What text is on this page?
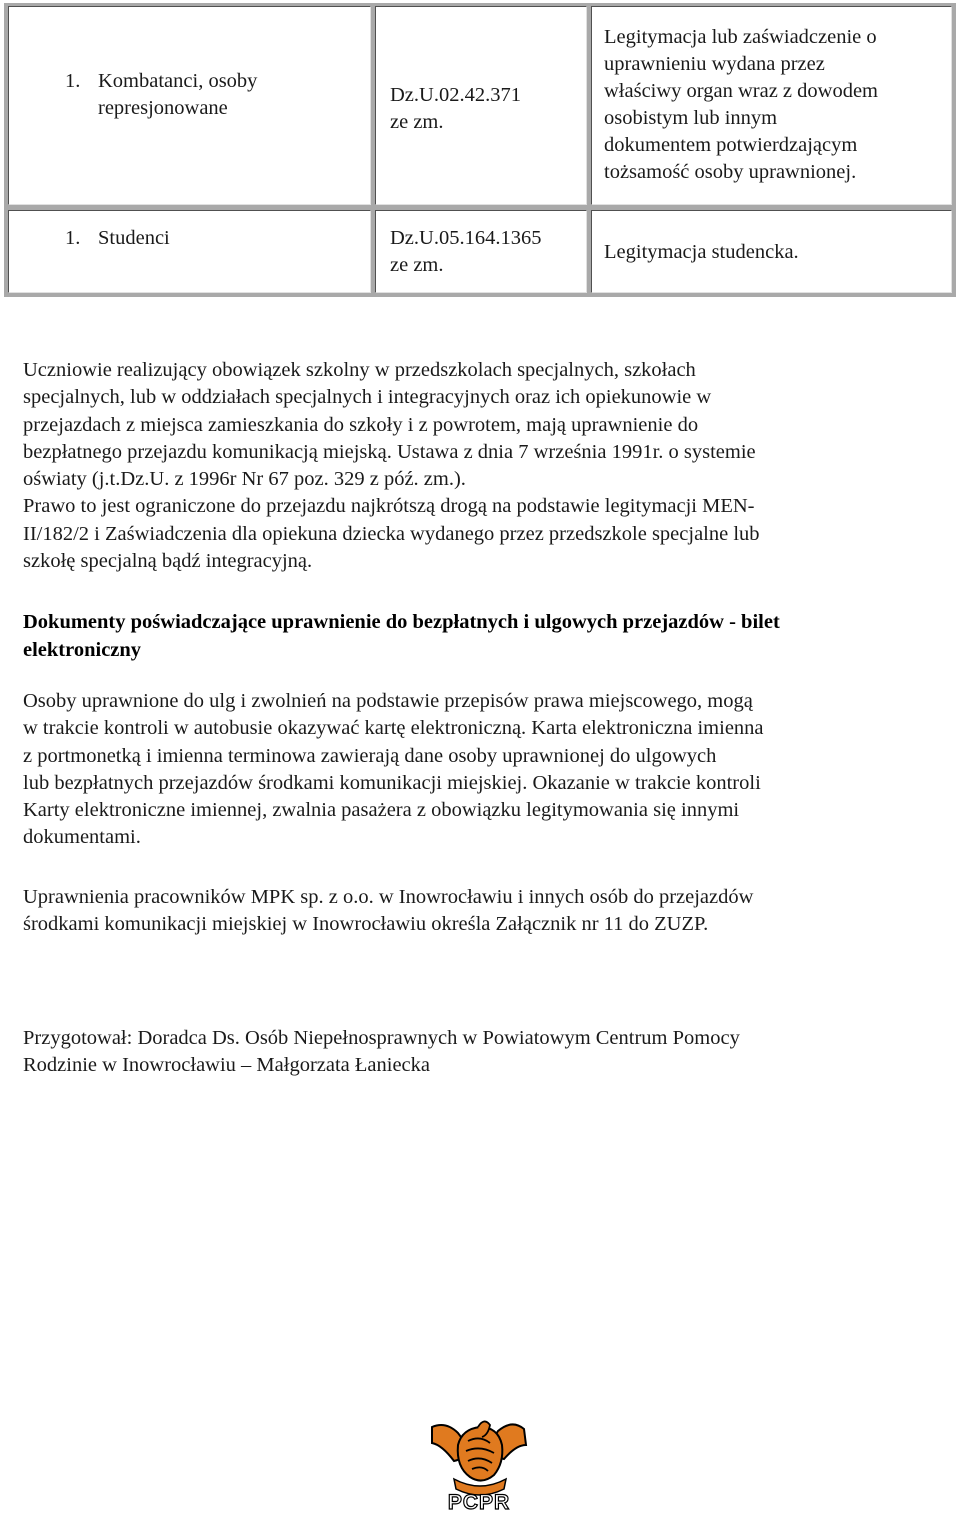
1. Kombatanci, osoby
represjonowane
Dz.U.02.42.371
ze zm.
Legitymacja lub zaświadczenie o
uprawnieniu wydana przez
właściwy organ wraz z dowodem
osobistym lub innym
dokumentem potwierdzającym
tożsamość osoby uprawnionej.
1. Studenci	Dz.U.05.164.1365
ze zm.
Legitymacja studencka.
Uczniowie realizujący obowiązek szkolny w przedszkolach specjalnych, szkołach
specjalnych, lub w oddziałach specjalnych i integracyjnych oraz ich opiekunowie w
przejazdach z miejsca zamieszkania do szkoły i z powrotem, mają uprawnienie do
bezpłatnego przejazdu komunikacją miejską. Ustawa z dnia 7 września 1991r. o systemie
oświaty (j.t.Dz.U. z 1996r Nr 67 poz. 329 z póź. zm.).
Prawo to jest ograniczone do przejazdu najkrótszą drogą na podstawie legitymacji MEN-
II/182/2 i Zaświadczenia dla opiekuna dziecka wydanego przez przedszkole specjalne lub
szkołę specjalną bądź integracyjną.
Dokumenty poświadczające uprawnienie do bezpłatnych i ulgowych przejazdów - bilet
elektroniczny
Osoby uprawnione do ulg i zwolnień na podstawie przepisów prawa miejscowego, mogą
w trakcie kontroli w autobusie okazywać kartę elektroniczną. Karta elektroniczna imienna
z portmonetką i imienna terminowa zawierają dane osoby uprawnionej do ulgowych
lub bezpłatnych przejazdów środkami komunikacji miejskiej. Okazanie w trakcie kontroli
Karty elektroniczne imiennej, zwalnia pasażera z obowiązku legitymowania się innymi
dokumentami.
Uprawnienia pracowników MPK sp. z o.o. w Inowrocławiu i innych osób do przejazdów
środkami komunikacji miejskiej w Inowrocławiu określa Załącznik nr 11 do ZUZP.
Przygotował: Doradca Ds. Osób Niepełnosprawnych w Powiatowym Centrum Pomocy
Rodzinie w Inowrocławiu – Małgorzata Łaniecka
PCPR
